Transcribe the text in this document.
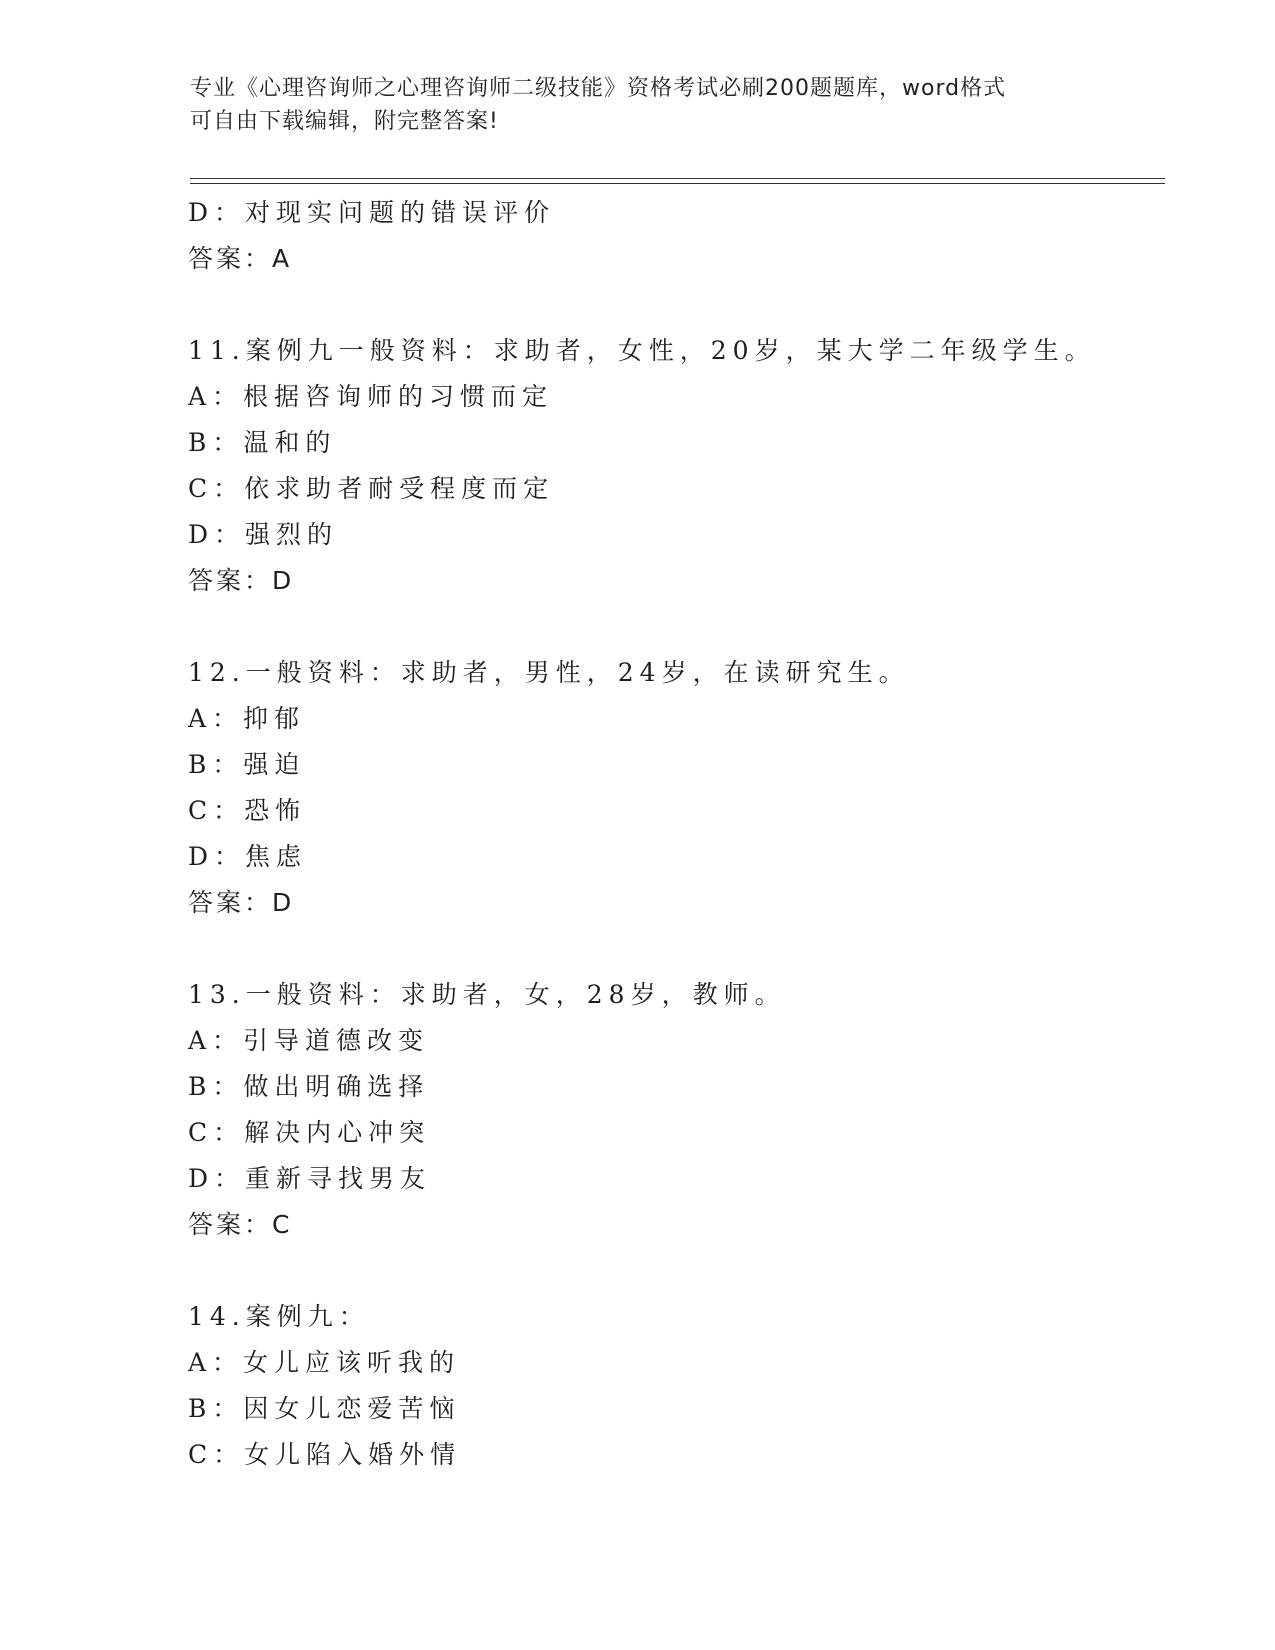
专业《心理咨询师之心理咨询师二级技能》资格考试必刷200题题库，word格式
可自由下载编辑，附完整答案!
D：对现实问题的错误评价
答案：A
11.案例九一般资料：求助者，女性，20岁，某大学二年级学生。
A：根据咨询师的习惯而定
B：温和的
C：依求助者耐受程度而定
D：强烈的
答案：D
12.一般资料：求助者，男性，24岁，在读研究生。
A：抑郁
B：强迫
C：恐怖
D：焦虑
答案：D
13.一般资料：求助者，女，28岁，教师。
A：引导道德改变
B：做出明确选择
C：解决内心冲突
D：重新寻找男友
答案：C
14.案例九：
A：女儿应该听我的
B：因女儿恋爱苦恼
C：女儿陷入婚外情
